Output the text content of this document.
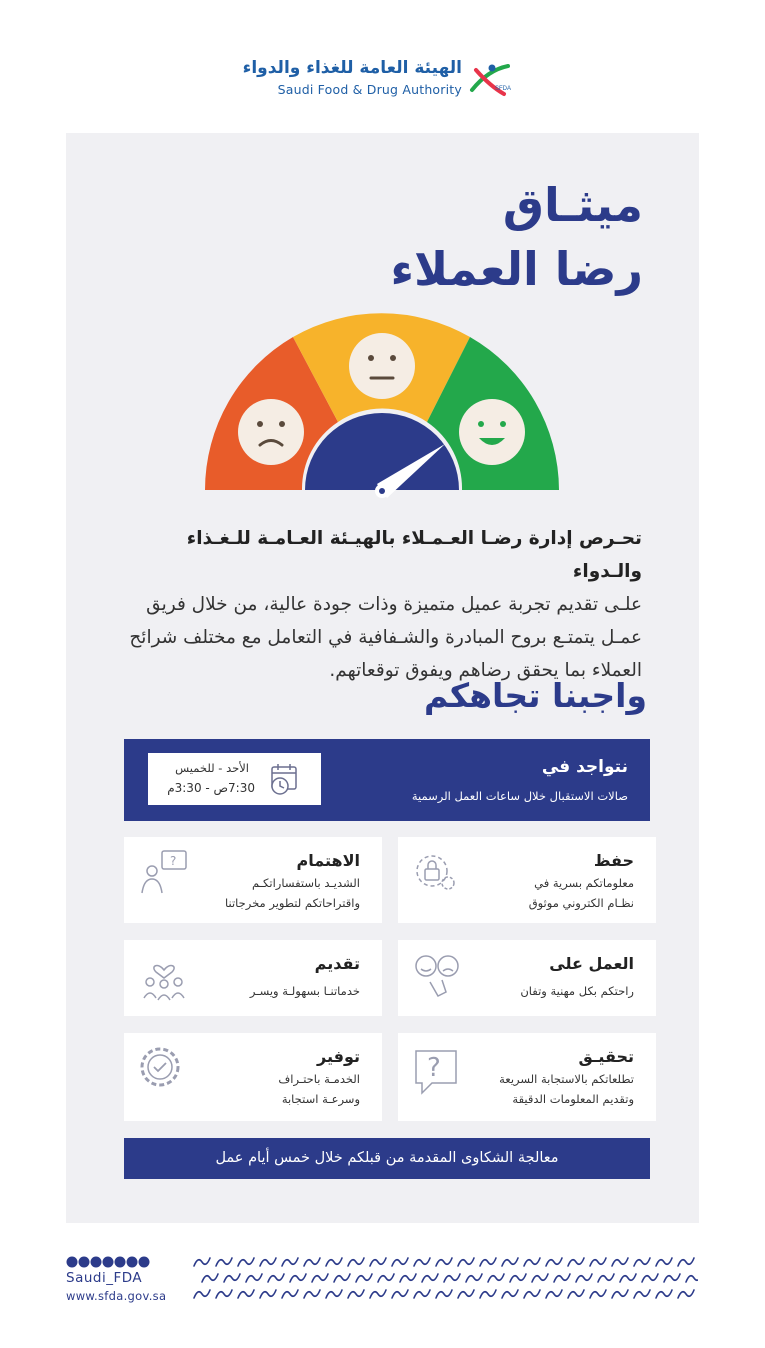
الهيئة العامة للغذاء والدواء
Saudi Food & Drug Authority	SFDA
ميثـاق
رضا العملاء
تحـرص إدارة رضـا العـمـلاء بالهيـئة العـامـة للـغـذاء والـدواء
علـى تقديم تجربة عميل متميزة وذات جودة عالية، من خلال فريق عمـل يتمتـع بروح المبادرة والشـفافية في التعامل مع مختلف شرائح العملاء بما يحقق رضاهم ويفوق توقعاتهم.
واجبنا تجاهكم
نتواجد في
صالات الاستقبال خلال ساعات العمل الرسمية
الأحد - للخميس
7:30ص - 3:30م
حفظ
معلوماتكم بسرية في
نظـام الكتروني موثوق
الاهتمام
الشديـد باستفساراتكـم
واقتراحاتكم لتطوير مخرجاتنا
?
العمل على
راحتكم بكل مهنية وتفان
تقديم
خدماتنـا بسهولـة ويسـر
تحقيـق
تطلعاتكم بالاستجابة السريعة
وتقديم المعلومات الدقيقة
?
توفير
الخدمـة باحتـراف
وسرعـة استجابة
معالجة الشكاوى المقدمة من قبلكم خلال خمس أيام عمل
Saudi_FDA
www.sfda.gov.sa
